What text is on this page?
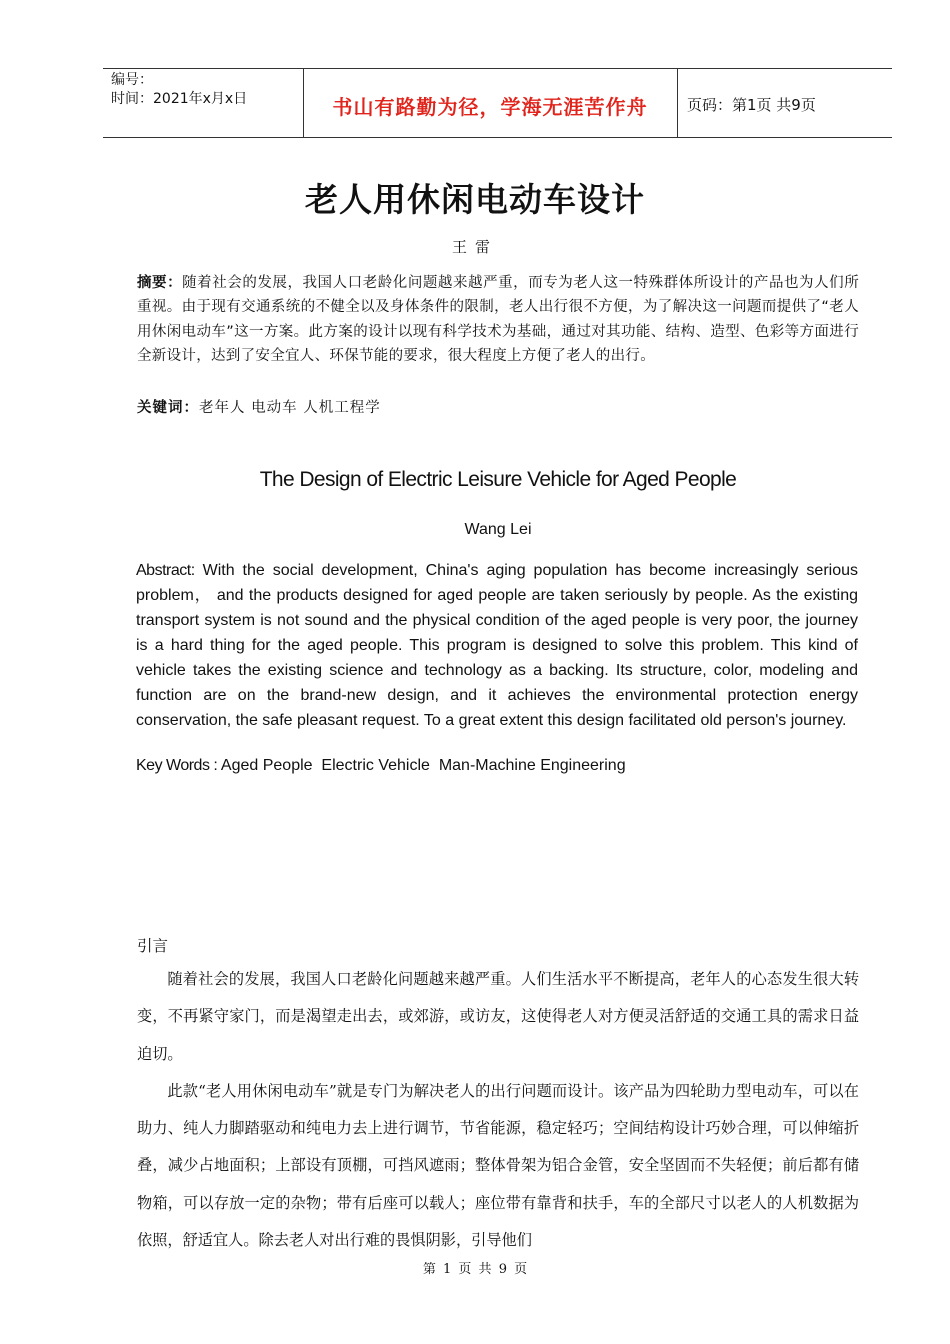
编号：
时间：2021年x月x日	书山有路勤为径，学海无涯苦作舟	页码：第1页 共9页
老人用休闲电动车设计
王雷
摘要：随着社会的发展，我国人口老龄化问题越来越严重，而专为老人这一特殊群体所设计的产品也为人们所重视。由于现有交通系统的不健全以及身体条件的限制，老人出行很不方便，为了解决这一问题而提供了“老人用休闲电动车”这一方案。此方案的设计以现有科学技术为基础，通过对其功能、结构、造型、色彩等方面进行全新设计，达到了安全宜人、环保节能的要求，很大程度上方便了老人的出行。
关键词：老年人 电动车 人机工程学
The Design of Electric Leisure Vehicle for Aged People
Wang Lei
Abstract: With the social development, China's aging population has become increasingly serious problem， and the products designed for aged people are taken seriously by people. As the existing transport system is not sound and the physical condition of the aged people is very poor, the journey is a hard thing for the aged people. This program is designed to solve this problem. This kind of vehicle takes the existing science and technology as a backing. Its structure, color, modeling and function are on the brand-new design, and it achieves the environmental protection energy conservation, the safe pleasant request. To a great extent this design facilitated old person's journey.
Key Words : Aged People  Electric Vehicle  Man-Machine Engineering
引言

随着社会的发展，我国人口老龄化问题越来越严重。人们生活水平不断提高，老年人的心态发生很大转变，不再紧守家门，而是渴望走出去，或郊游，或访友，这使得老人对方便灵活舒适的交通工具的需求日益迫切。

此款“老人用休闲电动车”就是专门为解决老人的出行问题而设计。该产品为四轮助力型电动车，可以在助力、纯人力脚踏驱动和纯电力去上进行调节，节省能源，稳定轻巧；空间结构设计巧妙合理，可以伸缩折叠，减少占地面积；上部设有顶棚，可挡风遮雨；整体骨架为铝合金管，安全坚固而不失轻便；前后都有储物箱，可以存放一定的杂物；带有后座可以载人；座位带有靠背和扶手，车的全部尺寸以老人的人机数据为依照，舒适宜人。除去老人对出行难的畏惧阴影，引导他们

第 1 页 共 9 页
